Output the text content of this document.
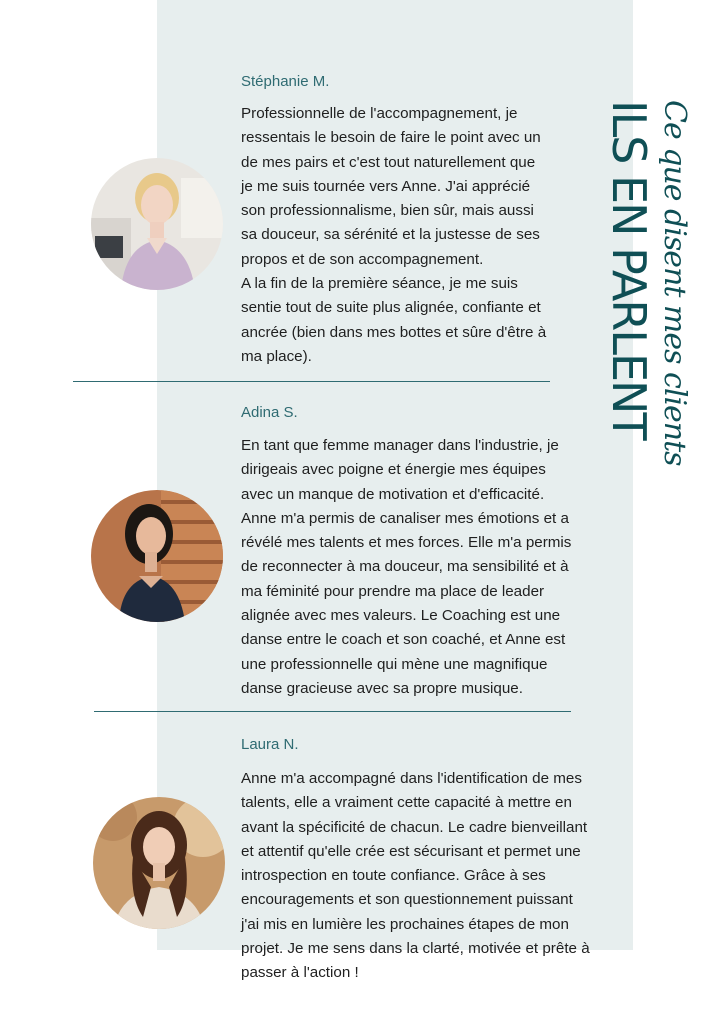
ILS EN PARLENT Ce que disent mes clients
Stéphanie M.
Professionnelle de l'accompagnement, je
ressentais le besoin de faire le point avec un
de mes pairs et c'est tout naturellement que
je me suis tournée vers Anne. J'ai apprécié
son professionnalisme, bien sûr, mais aussi
sa douceur, sa sérénité et la justesse de ses
propos et de son accompagnement.
A la fin de la première séance, je me suis
sentie tout de suite plus alignée, confiante et
ancrée (bien dans mes bottes et sûre d'être à
ma place).
Adina S.
En tant que femme manager dans l'industrie, je
dirigeais avec poigne et énergie mes équipes
avec un manque de motivation et d'efficacité.
Anne m'a permis de canaliser mes émotions et a
révélé mes talents et mes forces. Elle m'a permis
de reconnecter à ma douceur, ma sensibilité et à
ma féminité pour prendre ma place de leader
alignée avec mes valeurs. Le Coaching est une
danse entre le coach et son coaché, et Anne est
une professionnelle qui mène une magnifique
danse gracieuse avec sa propre musique.
Laura N.
Anne m'a accompagné dans l'identification de mes
talents, elle a vraiment cette capacité à mettre en
avant la spécificité de chacun. Le cadre bienveillant
et attentif qu'elle crée est sécurisant et permet une
introspection en toute confiance. Grâce à ses
encouragements et son questionnement puissant
j'ai mis en lumière les prochaines étapes de mon
projet. Je me sens dans la clarté, motivée et prête à
passer à l'action !
